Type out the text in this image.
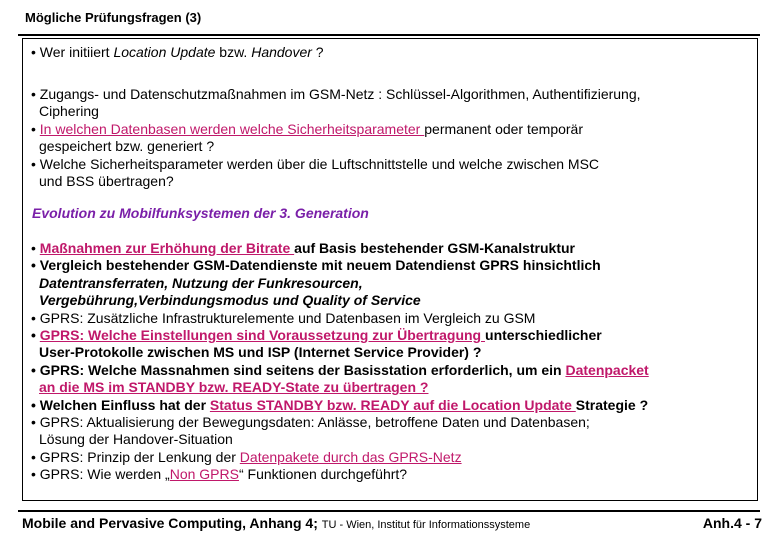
Mögliche Prüfungsfragen (3)
• Wer initiiert Location Update bzw. Handover ?
• Zugangs- und Datenschutzmaßnahmen im GSM-Netz : Schlüssel-Algorithmen, Authentifizierung,
Ciphering
• In welchen Datenbasen werden welche Sicherheitsparameter permanent oder temporär
gespeichert bzw. generiert ?
• Welche Sicherheitsparameter werden über die Luftschnittstelle und welche zwischen MSC
und BSS übertragen?
Evolution zu Mobilfunksystemen der 3. Generation
• Maßnahmen zur Erhöhung der Bitrate auf Basis bestehender GSM-Kanalstruktur
• Vergleich bestehender GSM-Datendienste mit neuem Datendienst GPRS hinsichtlich
Datentransferraten, Nutzung der Funkresourcen,
Vergebührung,Verbindungsmodus und Quality of Service
• GPRS: Zusätzliche Infrastrukturelemente und Datenbasen im Vergleich zu GSM
• GPRS: Welche Einstellungen sind Voraussetzung zur Übertragung unterschiedlicher
User-Protokolle zwischen MS und ISP (Internet Service Provider) ?
• GPRS: Welche Massnahmen sind seitens der Basisstation erforderlich, um ein Datenpacket
an die MS im STANDBY bzw. READY-State zu übertragen ?
• Welchen Einfluss hat der Status STANDBY bzw. READY auf die Location Update Strategie ?
• GPRS: Aktualisierung der Bewegungsdaten: Anlässe, betroffene Daten und Datenbasen;
Lösung der Handover-Situation
• GPRS: Prinzip der Lenkung der Datenpakete durch das GPRS-Netz
• GPRS: Wie werden „Non GPRS“ Funktionen durchgeführt?
Mobile and Pervasive Computing, Anhang 4; TU - Wien, Institut für Informationssysteme	Anh.4 - 7
